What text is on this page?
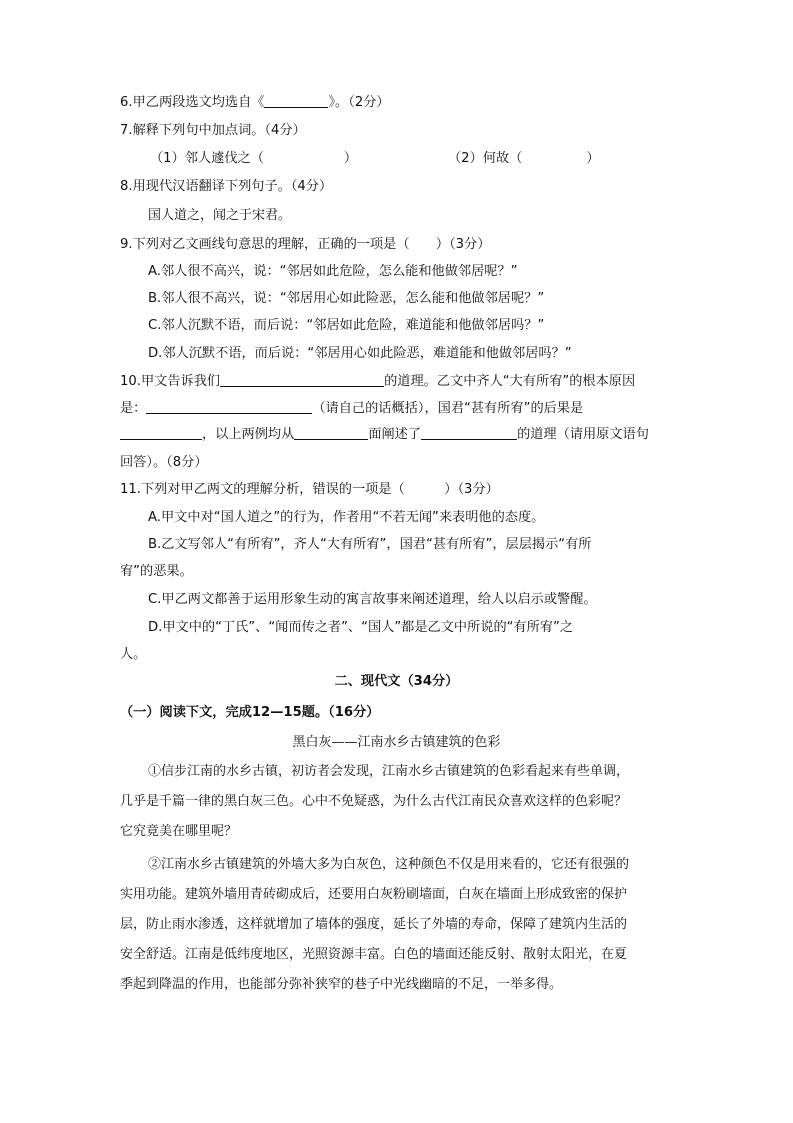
6.甲乙两段选文均选自《	》。（2分）
7.解释下列句中加点词。（4分）
（1）邻人遽伐之（	）	（2）何故（	）
8.用现代汉语翻译下列句子。（4分）
国人道之，闻之于宋君。
9.下列对乙文画线句意思的理解，正确的一项是（　　）（3分）
A.邻人很不高兴，说：“邻居如此危险，怎么能和他做邻居呢？”
B.邻人很不高兴，说：“邻居用心如此险恶，怎么能和他做邻居呢？”
C.邻人沉默不语，而后说：“邻居如此危险，难道能和他做邻居吗？”
D.邻人沉默不语，而后说：“邻居用心如此险恶，难道能和他做邻居吗？”
10.甲文告诉我们	的道理。乙文中齐人“大有所宥”的根本原因
是：	（请自己的话概括），国君“甚有所宥”的后果是
，以上两例均从	面阐述了	的道理（请用原文语句
回答）。（8分）
11.下列对甲乙两文的理解分析，错误的一项是（　　　）（3分）
A.甲文中对“国人道之”的行为，作者用“不若无闻”来表明他的态度。
B.乙文写邻人“有所宥”，齐人“大有所宥”，国君“甚有所宥”，层层揭示“有所
宥”的恶果。
C.甲乙两文都善于运用形象生动的寓言故事来阐述道理，给人以启示或警醒。
D.甲文中的“丁氏”、“闻而传之者”、“国人”都是乙文中所说的“有所宥”之
人。
二、现代文（34分）
（一）阅读下文，完成12—15题。（16分）
黑白灰——江南水乡古镇建筑的色彩
①信步江南的水乡古镇，初访者会发现，江南水乡古镇建筑的色彩看起来有些单调，
几乎是千篇一律的黑白灰三色。心中不免疑惑，为什么古代江南民众喜欢这样的色彩呢？
它究竟美在哪里呢？
②江南水乡古镇建筑的外墙大多为白灰色，这种颜色不仅是用来看的，它还有很强的
实用功能。建筑外墙用青砖砌成后，还要用白灰粉刷墙面，白灰在墙面上形成致密的保护
层，防止雨水渗透，这样就增加了墙体的强度，延长了外墙的寿命，保障了建筑内生活的
安全舒适。江南是低纬度地区，光照资源丰富。白色的墙面还能反射、散射太阳光，在夏
季起到降温的作用，也能部分弥补狭窄的巷子中光线幽暗的不足，一举多得。
